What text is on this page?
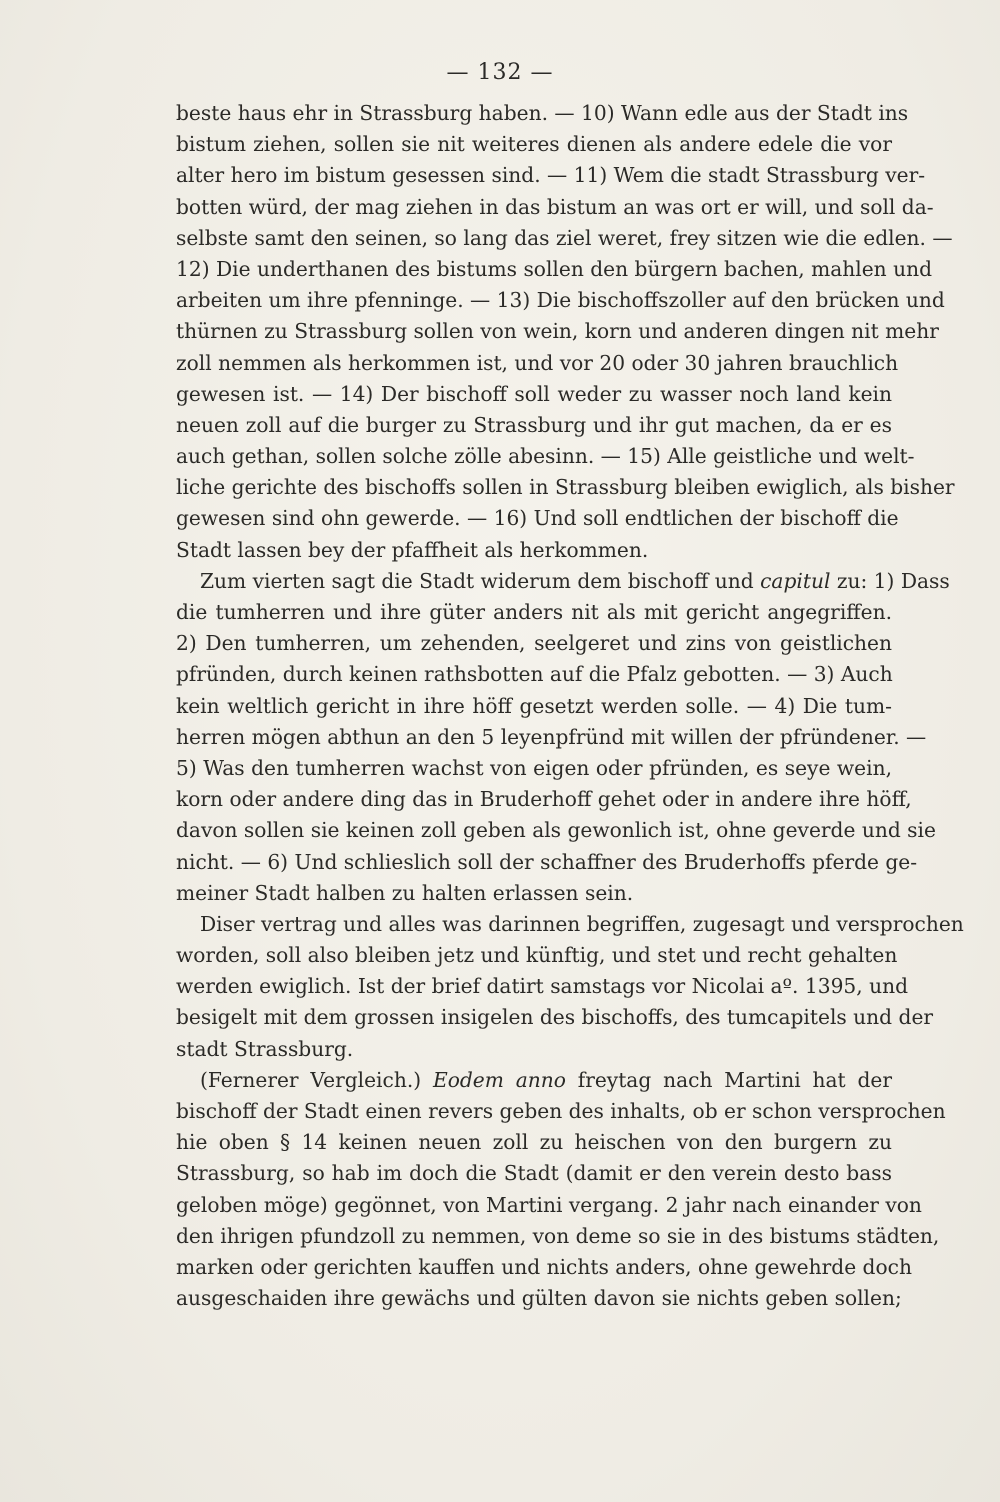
— 132 —
beste haus ehr in Strassburg haben. — 10) Wann edle aus der Stadt ins
bistum ziehen, sollen sie nit weiteres dienen als andere edele die vor
alter hero im bistum gesessen sind. — 11) Wem die stadt Strassburg ver-
botten würd, der mag ziehen in das bistum an was ort er will, und soll da-
selbste samt den seinen, so lang das ziel weret, frey sitzen wie die edlen. —
12) Die underthanen des bistums sollen den bürgern bachen, mahlen und
arbeiten um ihre pfenninge. — 13) Die bischoffszoller auf den brücken und
thürnen zu Strassburg sollen von wein, korn und anderen dingen nit mehr
zoll nemmen als herkommen ist, und vor 20 oder 30 jahren brauchlich
gewesen ist. — 14) Der bischoff soll weder zu wasser noch land kein
neuen zoll auf die burger zu Strassburg und ihr gut machen, da er es
auch gethan, sollen solche zölle abesinn. — 15) Alle geistliche und welt-
liche gerichte des bischoffs sollen in Strassburg bleiben ewiglich, als bisher
gewesen sind ohn gewerde. — 16) Und soll endtlichen der bischoff die
Stadt lassen bey der pfaffheit als herkommen.
Zum vierten sagt die Stadt widerum dem bischoff und capitul zu: 1) Dass
die tumherren und ihre güter anders nit als mit gericht angegriffen.
2) Den tumherren, um zehenden, seelgeret und zins von geistlichen
pfründen, durch keinen rathsbotten auf die Pfalz gebotten. — 3) Auch
kein weltlich gericht in ihre höff gesetzt werden solle. — 4) Die tum-
herren mögen abthun an den 5 leyenpfründ mit willen der pfründener. —
5) Was den tumherren wachst von eigen oder pfründen, es seye wein,
korn oder andere ding das in Bruderhoff gehet oder in andere ihre höff,
davon sollen sie keinen zoll geben als gewonlich ist, ohne geverde und sie
nicht. — 6) Und schlieslich soll der schaffner des Bruderhoffs pferde ge-
meiner Stadt halben zu halten erlassen sein.
Diser vertrag und alles was darinnen begriffen, zugesagt und versprochen
worden, soll also bleiben jetz und künftig, und stet und recht gehalten
werden ewiglich. Ist der brief datirt samstags vor Nicolai aº. 1395, und
besigelt mit dem grossen insigelen des bischoffs, des tumcapitels und der
stadt Strassburg.
(Fernerer Vergleich.) Eodem anno freytag nach Martini hat der
bischoff der Stadt einen revers geben des inhalts, ob er schon versprochen
hie oben § 14 keinen neuen zoll zu heischen von den burgern zu
Strassburg, so hab im doch die Stadt (damit er den verein desto bass
geloben möge) gegönnet, von Martini vergang. 2 jahr nach einander von
den ihrigen pfundzoll zu nemmen, von deme so sie in des bistums städten,
marken oder gerichten kauffen und nichts anders, ohne gewehrde doch
ausgeschaiden ihre gewächs und gülten davon sie nichts geben sollen;
